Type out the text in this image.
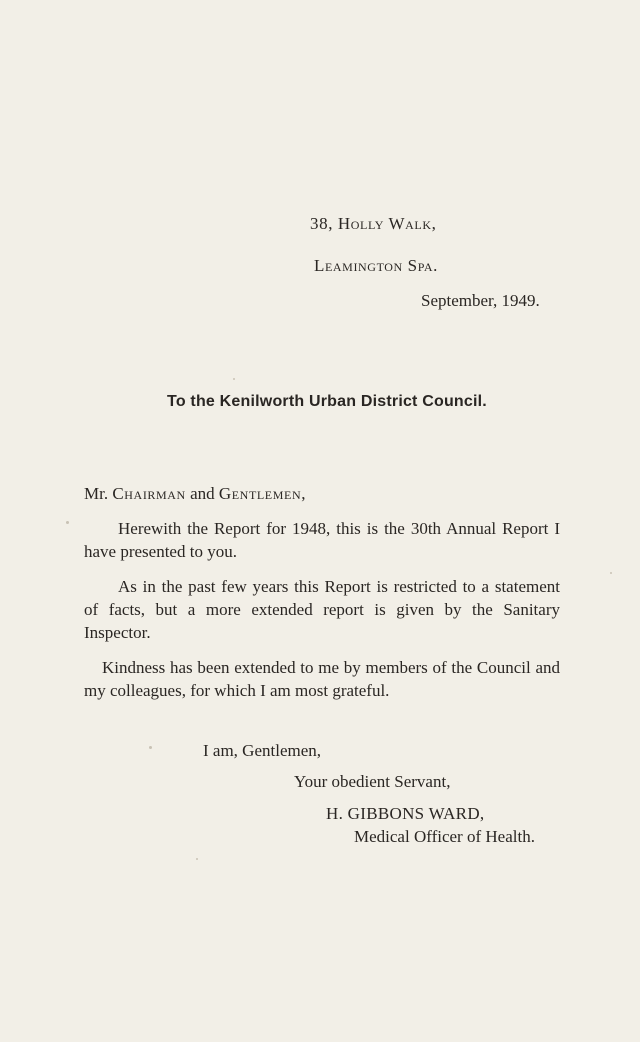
38, Holly Walk,
Leamington Spa.
September, 1949.
To the Kenilworth Urban District Council.
Mr. Chairman and Gentlemen,
Herewith the Report for 1948, this is the 30th Annual Report I have presented to you.
As in the past few years this Report is restricted to a statement of facts, but a more extended report is given by the Sanitary Inspector.
Kindness has been extended to me by members of the Council and my colleagues, for which I am most grateful.
I am, Gentlemen,
Your obedient Servant,
H. GIBBONS WARD,
Medical Officer of Health.
